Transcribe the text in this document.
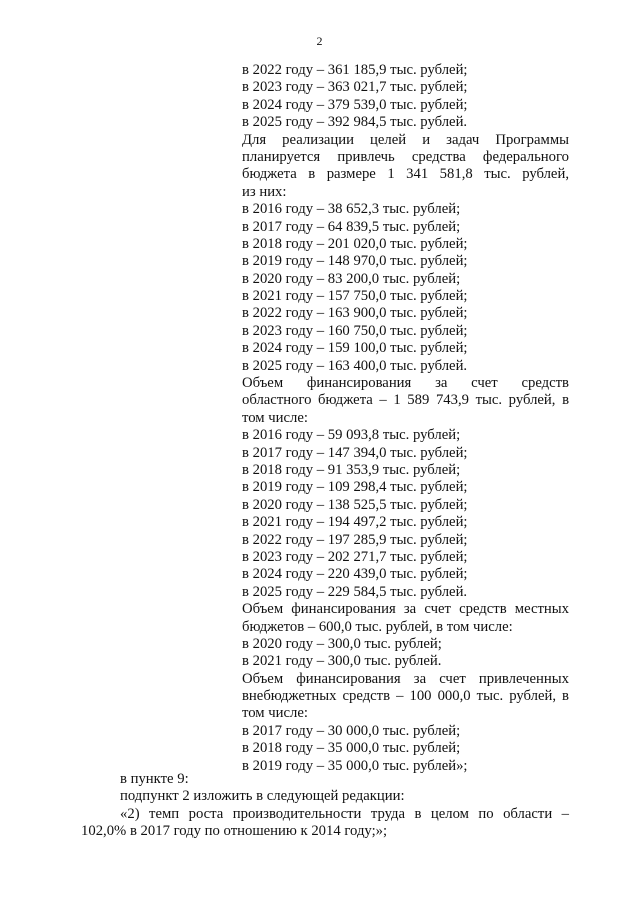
2
в 2022 году – 361 185,9 тыс. рублей;
в 2023 году – 363 021,7 тыс. рублей;
в 2024 году – 379 539,0 тыс. рублей;
в 2025 году – 392 984,5 тыс. рублей.
Для реализации целей и задач Программы
планируется привлечь средства федерального
бюджета в размере 1 341 581,8 тыс. рублей,
из них:
в 2016 году – 38 652,3 тыс. рублей;
в 2017 году – 64 839,5 тыс. рублей;
в 2018 году – 201 020,0 тыс. рублей;
в 2019 году – 148 970,0 тыс. рублей;
в 2020 году – 83 200,0 тыс. рублей;
в 2021 году – 157 750,0 тыс. рублей;
в 2022 году – 163 900,0 тыс. рублей;
в 2023 году – 160 750,0 тыс. рублей;
в 2024 году – 159 100,0 тыс. рублей;
в 2025 году – 163 400,0 тыс. рублей.
Объем финансирования за счет средств
областного бюджета – 1 589 743,9 тыс. рублей, в
том числе:
в 2016 году – 59 093,8 тыс. рублей;
в 2017 году – 147 394,0 тыс. рублей;
в 2018 году – 91 353,9 тыс. рублей;
в 2019 году – 109 298,4 тыс. рублей;
в 2020 году – 138 525,5 тыс. рублей;
в 2021 году – 194 497,2 тыс. рублей;
в 2022 году – 197 285,9 тыс. рублей;
в 2023 году – 202 271,7 тыс. рублей;
в 2024 году – 220 439,0 тыс. рублей;
в 2025 году – 229 584,5 тыс. рублей.
Объем финансирования за счет средств местных
бюджетов – 600,0 тыс. рублей, в том числе:
в 2020 году – 300,0 тыс. рублей;
в 2021 году – 300,0 тыс. рублей.
Объем финансирования за счет привлеченных
внебюджетных средств – 100 000,0 тыс. рублей, в
том числе:
в 2017 году – 30 000,0 тыс. рублей;
в 2018 году – 35 000,0 тыс. рублей;
в 2019 году – 35 000,0 тыс. рублей»;
в пункте 9:
подпункт 2 изложить в следующей редакции:
«2) темп роста производительности труда в целом по области –
102,0% в 2017 году по отношению к 2014 году;»;
